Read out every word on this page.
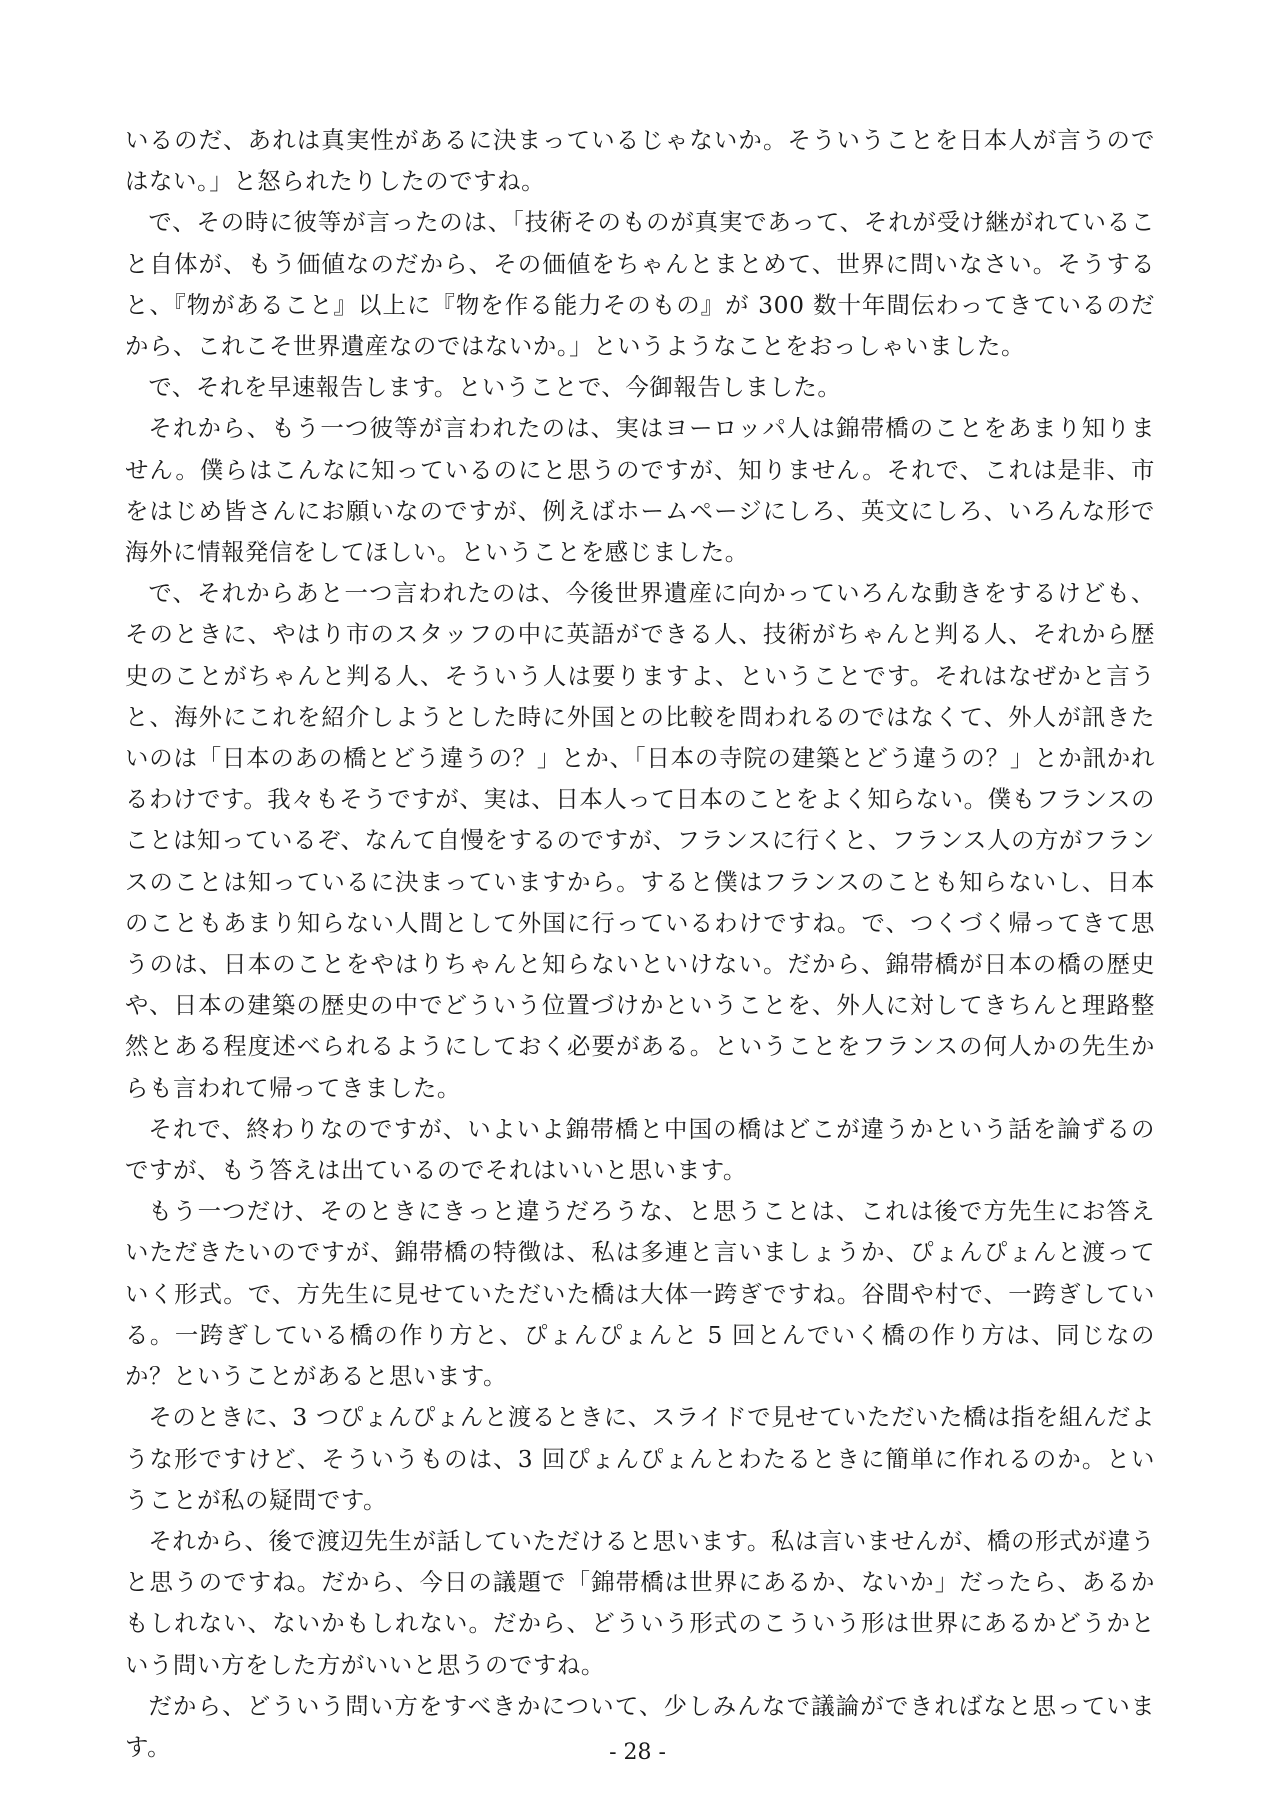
いるのだ、あれは真実性があるに決まっているじゃないか。そういうことを日本人が言うのではない。」と怒られたりしたのですね。

で、その時に彼等が言ったのは、「技術そのものが真実であって、それが受け継がれていること自体が、もう価値なのだから、その価値をちゃんとまとめて、世界に問いなさい。そうすると、『物があること』以上に『物を作る能力そのもの』が 300 数十年間伝わってきているのだから、これこそ世界遺産なのではないか。」というようなことをおっしゃいました。

で、それを早速報告します。ということで、今御報告しました。

それから、もう一つ彼等が言われたのは、実はヨーロッパ人は錦帯橋のことをあまり知りません。僕らはこんなに知っているのにと思うのですが、知りません。それで、これは是非、市をはじめ皆さんにお願いなのですが、例えばホームページにしろ、英文にしろ、いろんな形で海外に情報発信をしてほしい。ということを感じました。

で、それからあと一つ言われたのは、今後世界遺産に向かっていろんな動きをするけども、そのときに、やはり市のスタッフの中に英語ができる人、技術がちゃんと判る人、それから歴史のことがちゃんと判る人、そういう人は要りますよ、ということです。それはなぜかと言うと、海外にこれを紹介しようとした時に外国との比較を問われるのではなくて、外人が訊きたいのは「日本のあの橋とどう違うの？」とか、「日本の寺院の建築とどう違うの？」とか訊かれるわけです。我々もそうですが、実は、日本人って日本のことをよく知らない。僕もフランスのことは知っているぞ、なんて自慢をするのですが、フランスに行くと、フランス人の方がフランスのことは知っているに決まっていますから。すると僕はフランスのことも知らないし、日本のこともあまり知らない人間として外国に行っているわけですね。で、つくづく帰ってきて思うのは、日本のことをやはりちゃんと知らないといけない。だから、錦帯橋が日本の橋の歴史や、日本の建築の歴史の中でどういう位置づけかということを、外人に対してきちんと理路整然とある程度述べられるようにしておく必要がある。ということをフランスの何人かの先生からも言われて帰ってきました。

それで、終わりなのですが、いよいよ錦帯橋と中国の橋はどこが違うかという話を論ずるのですが、もう答えは出ているのでそれはいいと思います。

もう一つだけ、そのときにきっと違うだろうな、と思うことは、これは後で方先生にお答えいただきたいのですが、錦帯橋の特徴は、私は多連と言いましょうか、ぴょんぴょんと渡っていく形式。で、方先生に見せていただいた橋は大体一跨ぎですね。谷間や村で、一跨ぎしている。一跨ぎしている橋の作り方と、ぴょんぴょんと 5 回とんでいく橋の作り方は、同じなのか？ということがあると思います。

そのときに、3 つぴょんぴょんと渡るときに、スライドで見せていただいた橋は指を組んだような形ですけど、そういうものは、3 回ぴょんぴょんとわたるときに簡単に作れるのか。ということが私の疑問です。

それから、後で渡辺先生が話していただけると思います。私は言いませんが、橋の形式が違うと思うのですね。だから、今日の議題で「錦帯橋は世界にあるか、ないか」だったら、あるかもしれない、ないかもしれない。だから、どういう形式のこういう形は世界にあるかどうかという問い方をした方がいいと思うのですね。

だから、どういう問い方をすべきかについて、少しみんなで議論ができればなと思っています。	- 28 -
